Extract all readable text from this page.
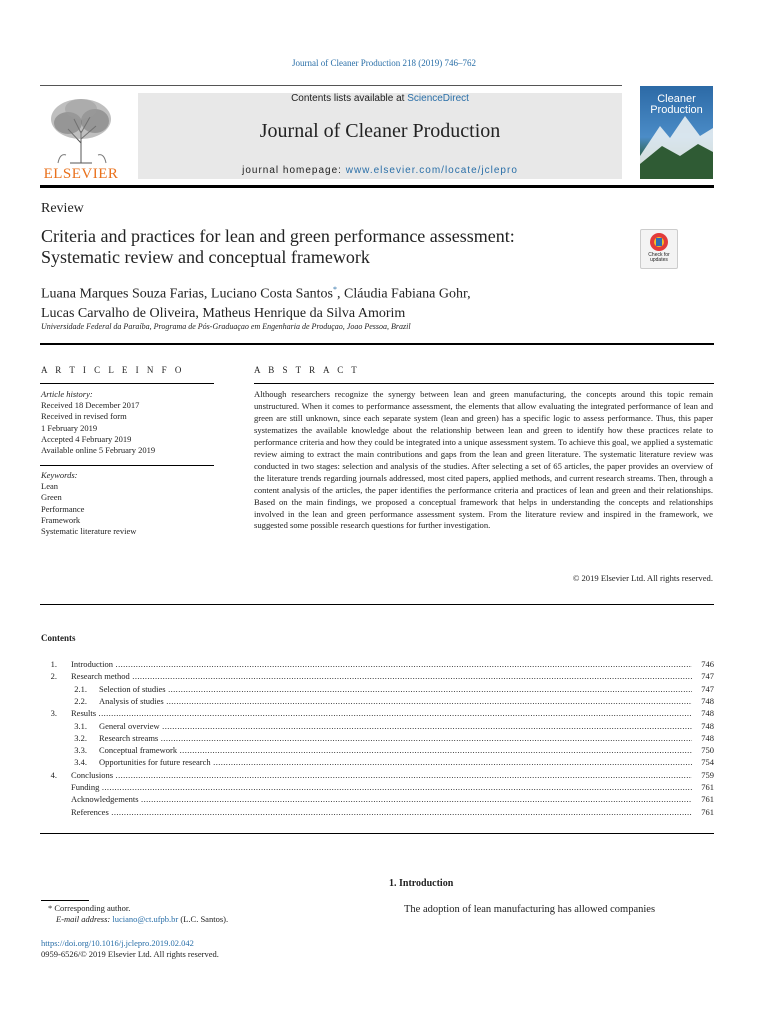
Journal of Cleaner Production 218 (2019) 746–762
ELSEVIER
Contents lists available at ScienceDirect
Journal of Cleaner Production
journal homepage: www.elsevier.com/locate/jclepro
Cleaner
Production
Review
Criteria and practices for lean and green performance assessment:
Systematic review and conceptual framework	Check for updates
Luana Marques Souza Farias, Luciano Costa Santos*, Cláudia Fabiana Gohr,
Lucas Carvalho de Oliveira, Matheus Henrique da Silva Amorim
Universidade Federal da Paraíba, Programa de Pós-Graduaçao em Engenharia de Produçao, Joao Pessoa, Brazil
A R T I C L E I N F O	A B S T R A C T
Article history:
Received 18 December 2017
Received in revised form
1 February 2019
Accepted 4 February 2019
Available online 5 February 2019
Keywords:
Lean
Green
Performance
Framework
Systematic literature review
Although researchers recognize the synergy between lean and green manufacturing, the concepts around this topic remain unstructured. When it comes to performance assessment, the elements that allow evaluating the integrated performance of lean and green are still unknown, since each separate system (lean and green) has a specific logic to assess performance. Thus, this paper systematizes the available knowledge about the relationship between lean and green to identify how these practices relate to performance criteria and how they could be integrated into a unique assessment system. To achieve this goal, we applied a systematic review aiming to extract the main contributions and gaps from the lean and green literature. The systematic literature review was conducted in two stages: selection and analysis of the studies. After selecting a set of 65 articles, the paper provides an overview of the literature trends regarding journals addressed, most cited papers, applied methods, and current research streams. Then, through a content analysis of the articles, the paper identifies the performance criteria and practices of lean and green and their relationships. Based on the main findings, we proposed a conceptual framework that helps in understanding the concepts and relationships involved in the lean and green performance assessment system. From the literature review and inspired in the framework, we suggested some possible research questions for further investigation.
© 2019 Elsevier Ltd. All rights reserved.
Contents
1. Introduction .....	746
2. Research method .....	747
2.1. Selection of studies .....	747
2.2. Analysis of studies .....	748
3. Results .....	748
3.1. General overview .....	748
3.2. Research streams .....	748
3.3. Conceptual framework .....	750
3.4. Opportunities for future research .....	754
4. Conclusions .....	759
Funding .....	761
Acknowledgements .....	761
References .....	761
1. Introduction
The adoption of lean manufacturing has allowed companies
* Corresponding author.
E-mail address: luciano@ct.ufpb.br (L.C. Santos).
https://doi.org/10.1016/j.jclepro.2019.02.042
0959-6526/© 2019 Elsevier Ltd. All rights reserved.
